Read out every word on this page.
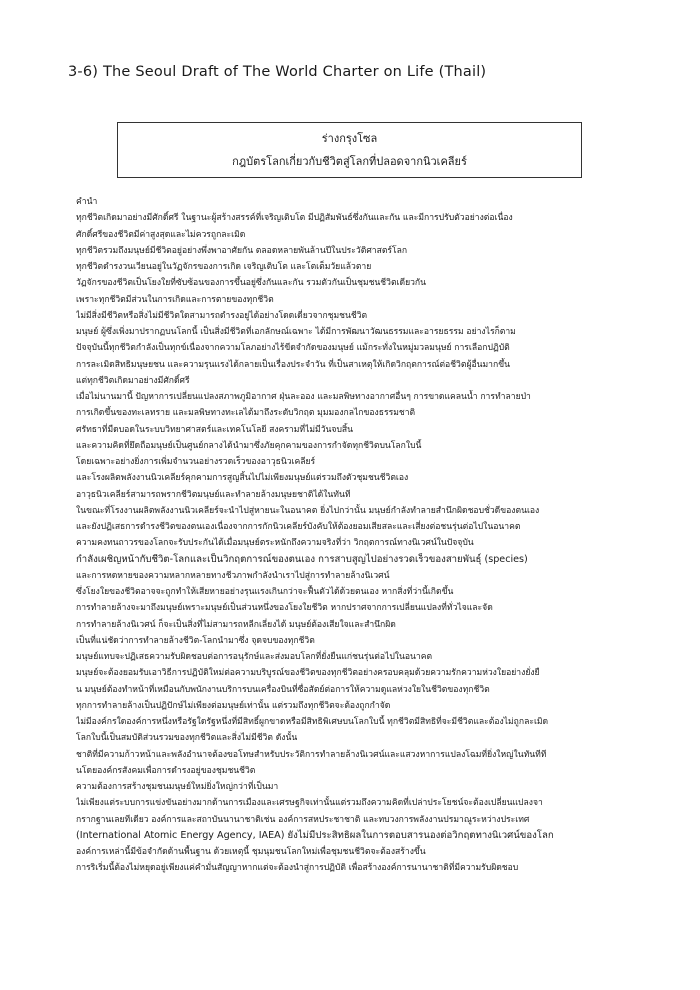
3-6) The Seoul Draft of The World Charter on Life (Thail)
ร่างกรุงโซล
กฎบัตรโลกเกี่ยวกับชีวิตสู่โลกที่ปลอดจากนิวเคลียร์
คำนำ
ทุกชีวิตเกิดมาอย่างมีศักดิ์ศรี ในฐานะผู้สร้างสรรค์ที่เจริญเติบโต มีปฏิสัมพันธ์ซึ่งกันและกัน และมีการปรับตัวอย่างต่อเนื่อง
ศักดิ์ศรีของชีวิตมีค่าสูงสุดและไม่ควรถูกละเมิด
ทุกชีวิตรวมถึงมนุษย์มีชีวิตอยู่อย่างพึ่งพาอาศัยกัน ตลอดหลายพันล้านปีในประวัติศาสตร์โลก
ทุกชีวิตดำรงวนเวียนอยู่ในวัฏจักรของการเกิด เจริญเติบโต และโตเต็มวัยแล้วตาย
วัฏจักรของชีวิตเป็นโยงใยที่ซับซ้อนของการขึ้นอยู่ซึ่งกันและกัน รวมตัวกันเป็นชุมชนชีวิตเดียวกัน
เพราะทุกชีวิตมีส่วนในการเกิดและการตายของทุกชีวิต
ไม่มีสิ่งมีชีวิตหรือสิ่งไม่มีชีวิตใดสามารถดำรงอยู่ได้อย่างโดดเดี่ยวจากชุมชนชีวิต
มนุษย์ ผู้ซึ่งเพิ่งมาปรากฏบนโลกนี้ เป็นสิ่งมีชีวิตที่เอกลักษณ์เฉพาะ ได้มีการพัฒนาวัฒนธรรมและอารยธรรม อย่างไรก็ตาม
ปัจจุบันนี้ทุกชีวิตกำลังเป็นทุกข์เนื่องจากความโลภอย่างไร้ขีดจำกัดของมนุษย์ แม้กระทั่งในหมู่มวลมนุษย์ การเลือกปฏิบัติ
การละเมิดสิทธิมนุษยชน และความรุนแรงได้กลายเป็นเรื่องประจำวัน ที่เป็นสาเหตุให้เกิดวิกฤตการณ์ต่อชีวิตผู้อื่นมากขึ้น
แต่ทุกชีวิตเกิดมาอย่างมีศักดิ์ศรี
เมื่อไม่นานมานี้ ปัญหาการเปลี่ยนแปลงสภาพภูมิอากาศ ฝุ่นละออง และมลพิษทางอากาศอื่นๆ การขาดแคลนน้ำ การทำลายป่า
การเกิดขึ้นของทะเลทราย และมลพิษทางทะเลได้มาถึงระดับวิกฤต มุมมองกลไกของธรรมชาติ
ศรัทธาที่มืดบอดในระบบวิทยาศาสตร์และเทคโนโลยี สงครามที่ไม่มีวันจบสิ้น
และความคิดที่ยึดถือมนุษย์เป็นศูนย์กลางได้นำมาซึ่งภัยคุกคามของการกำจัดทุกชีวิตบนโลกใบนี้
โดยเฉพาะอย่างยิ่งการเพิ่มจำนวนอย่างรวดเร็วของอาวุธนิวเคลียร์
และโรงผลิตพลังงานนิวเคลียร์คุกคามการสูญสิ้นไปไม่เพียงมนุษย์แต่รวมถึงตัวชุมชนชีวิตเอง
อาวุธนิวเคลียร์สามารถพรากชีวิตมนุษย์และทำลายล้างมนุษยชาติได้ในทันที
ในขณะที่โรงงานผลิตพลังงานนิวเคลียร์จะนำไปสู่หายนะในอนาคต ยิ่งไปกว่านั้น มนุษย์กำลังทำลายสำนึกผิดชอบชั่วดีของตนเอง
และยังปฏิเสธการดำรงชีวิตของตนเองเนื่องจากการกักนิวเคลียร์บังคับให้ต้องยอมเสียสละและเสี่ยงต่อชนรุ่นต่อไปในอนาคต
ความคงทนถาวรของโลกจะรับประกันได้เมื่อมนุษย์ตระหนักถึงความจริงที่ว่า วิกฤตการณ์ทางนิเวศน์ในปัจจุบัน
กำลังเผชิญหน้ากับชีวิต-โลกและเป็นวิกฤตการณ์ของตนเอง การสาบสูญไปอย่างรวดเร็วของสายพันธุ์ (species)
และการหดหายของความหลากหลายทางชีวภาพกำลังนำเราไปสู่การทำลายล้างนิเวศน์
ซึ่งโยงใยของชีวิตอาจจะถูกทำให้เสียหายอย่างรุนแรงเกินกว่าจะฟื้นตัวได้ด้วยตนเอง หากสิ่งที่ว่านี้เกิดขึ้น
การทำลายล้างจะมาถึงมนุษย์เพราะมนุษย์เป็นส่วนหนึ่งของโยงใยชีวิต หากปราศจากการเปลี่ยนแปลงที่ทั่วไจและจัด
การทำลายล้างนิเวศน์ ก็จะเป็นสิ่งที่ไม่สามารถหลีกเลี่ยงได้ มนุษย์ต้องเสียใจและสำนึกผิด
เป็นที่แน่ชัดว่าการทำลายล้างชีวิต-โลกนำมาซึ่ง จุดจบของทุกชีวิต
มนุษย์แทบจะปฏิเสธความรับผิดชอบต่อการอนุรักษ์และส่งมอบโลกที่ยั่งยืนแก่ชนรุ่นต่อไปในอนาคต
มนุษย์จะต้องยอมรับเอาวิธีการปฏิบัติใหม่ต่อความบริบูรณ์ของชีวิตของทุกชีวิตอย่างครอบคลุมด้วยความรักความห่วงใยอย่างยั่งยื
น มนุษย์ต้องทำหน้าที่เหมือนกับพนักงานบริการบนเครื่องบินที่ซื่อสัตย์ต่อการให้ความดูแลห่วงใยในชีวิตของทุกชีวิต
ทุกการทำลายล้างเป็นปฏิปักษ์ไม่เพียงต่อมนุษย์เท่านั้น แต่รวมถึงทุกชีวิตจะต้องถูกกำจัด
ไม่มีองค์กรใดองค์การหนึ่งหรือรัฐใดรัฐหนึ่งที่มีสิทธิ์ผูกขาดหรือมีสิทธิพิเศษบนโลกใบนี้ ทุกชีวิตมีสิทธิที่จะมีชีวิตและต้องไม่ถูกละเมิด
โลกใบนี้เป็นสมบัติส่วนรวมของทุกชีวิตและสิ่งไม่มีชีวิต ดังนั้น
ชาติที่มีความก้าวหน้าและพลังอำนาจต้องขอโทษสำหรับประวัติการทำลายล้างนิเวศน์และแสวงหาการแปลงโฉมที่ยิ่งใหญ่ในทันทีที
นโดยองค์กรสังคมเพื่อการดำรงอยู่ของชุมชนชีวิต
ความต้องการสร้างชุมชนมนุษย์ใหม่ยิ่งใหญ่กว่าที่เป็นมา
ไม่เพียงแต่ระบบการแข่งขันอย่างมากด้านการเมืองและเศรษฐกิจเท่านั้นแต่รวมถึงความคิดที่เปล่าประโยชน์จะต้องเปลี่ยนแปลงจา
กรากฐานเลยทีเดียว องค์การและสถาบันนานาชาติเช่น องค์การสหประชาชาติ และทบวงการพลังงานปรมาณูระหว่างประเทศ
(International Atomic Energy Agency, IAEA) ยังไม่มีประสิทธิผลในการตอบสารนองต่อวิกฤตทางนิเวศน์ของโลก
องค์การเหล่านี้มีข้อจำกัดด้านพื้นฐาน ด้วยเหตุนี้ ชุมนุมชนโลกใหม่เพื่อชุมชนชีวิตจะต้องสร้างขึ้น
การริเริ่มนี้ต้องไม่หยุดอยู่เพียงแค่คำมั่นสัญญาหากแต่จะต้องนำสู่การปฏิบัติ เพื่อสร้างองค์การนานาชาติที่มีความรับผิดชอบ
